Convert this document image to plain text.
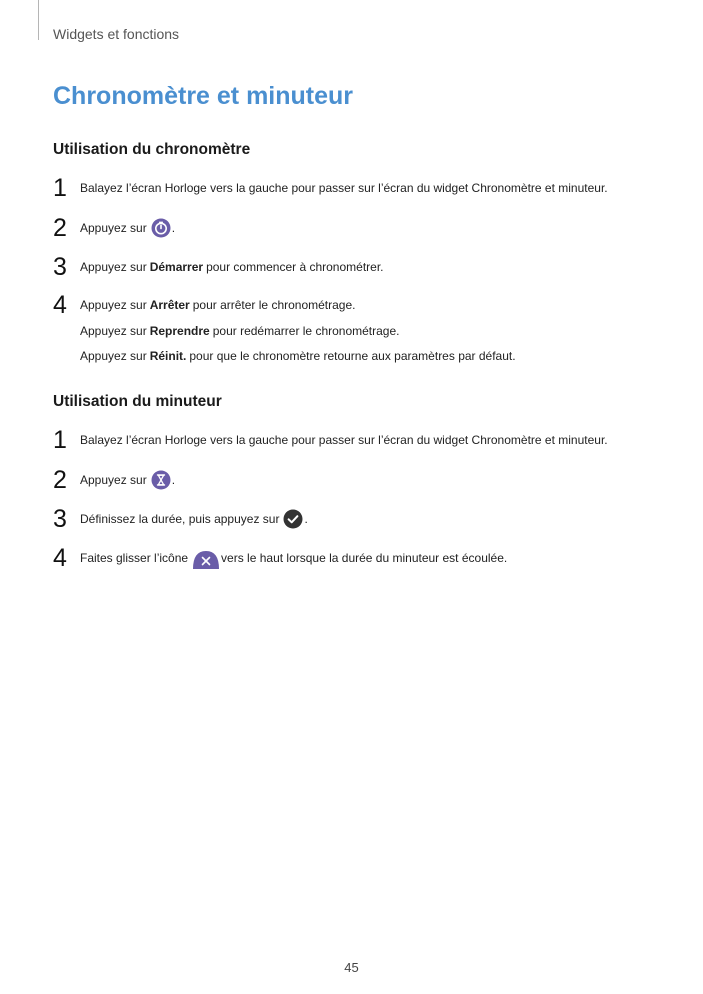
Widgets et fonctions
Chronomètre et minuteur
Utilisation du chronomètre
1	Balayez l’écran Horloge vers la gauche pour passer sur l’écran du widget Chronomètre et minuteur.
2	Appuyez sur .
3	Appuyez sur Démarrer pour commencer à chronométrer.
4	Appuyez sur Arrêter pour arrêter le chronométrage.
Appuyez sur Reprendre pour redémarrer le chronométrage.
Appuyez sur Réinit. pour que le chronomètre retourne aux paramètres par défaut.
Utilisation du minuteur
1	Balayez l’écran Horloge vers la gauche pour passer sur l’écran du widget Chronomètre et minuteur.
2	Appuyez sur .
3	Définissez la durée, puis appuyez sur .
4	Faites glisser l’icône	vers le haut lorsque la durée du minuteur est écoulée.
45
